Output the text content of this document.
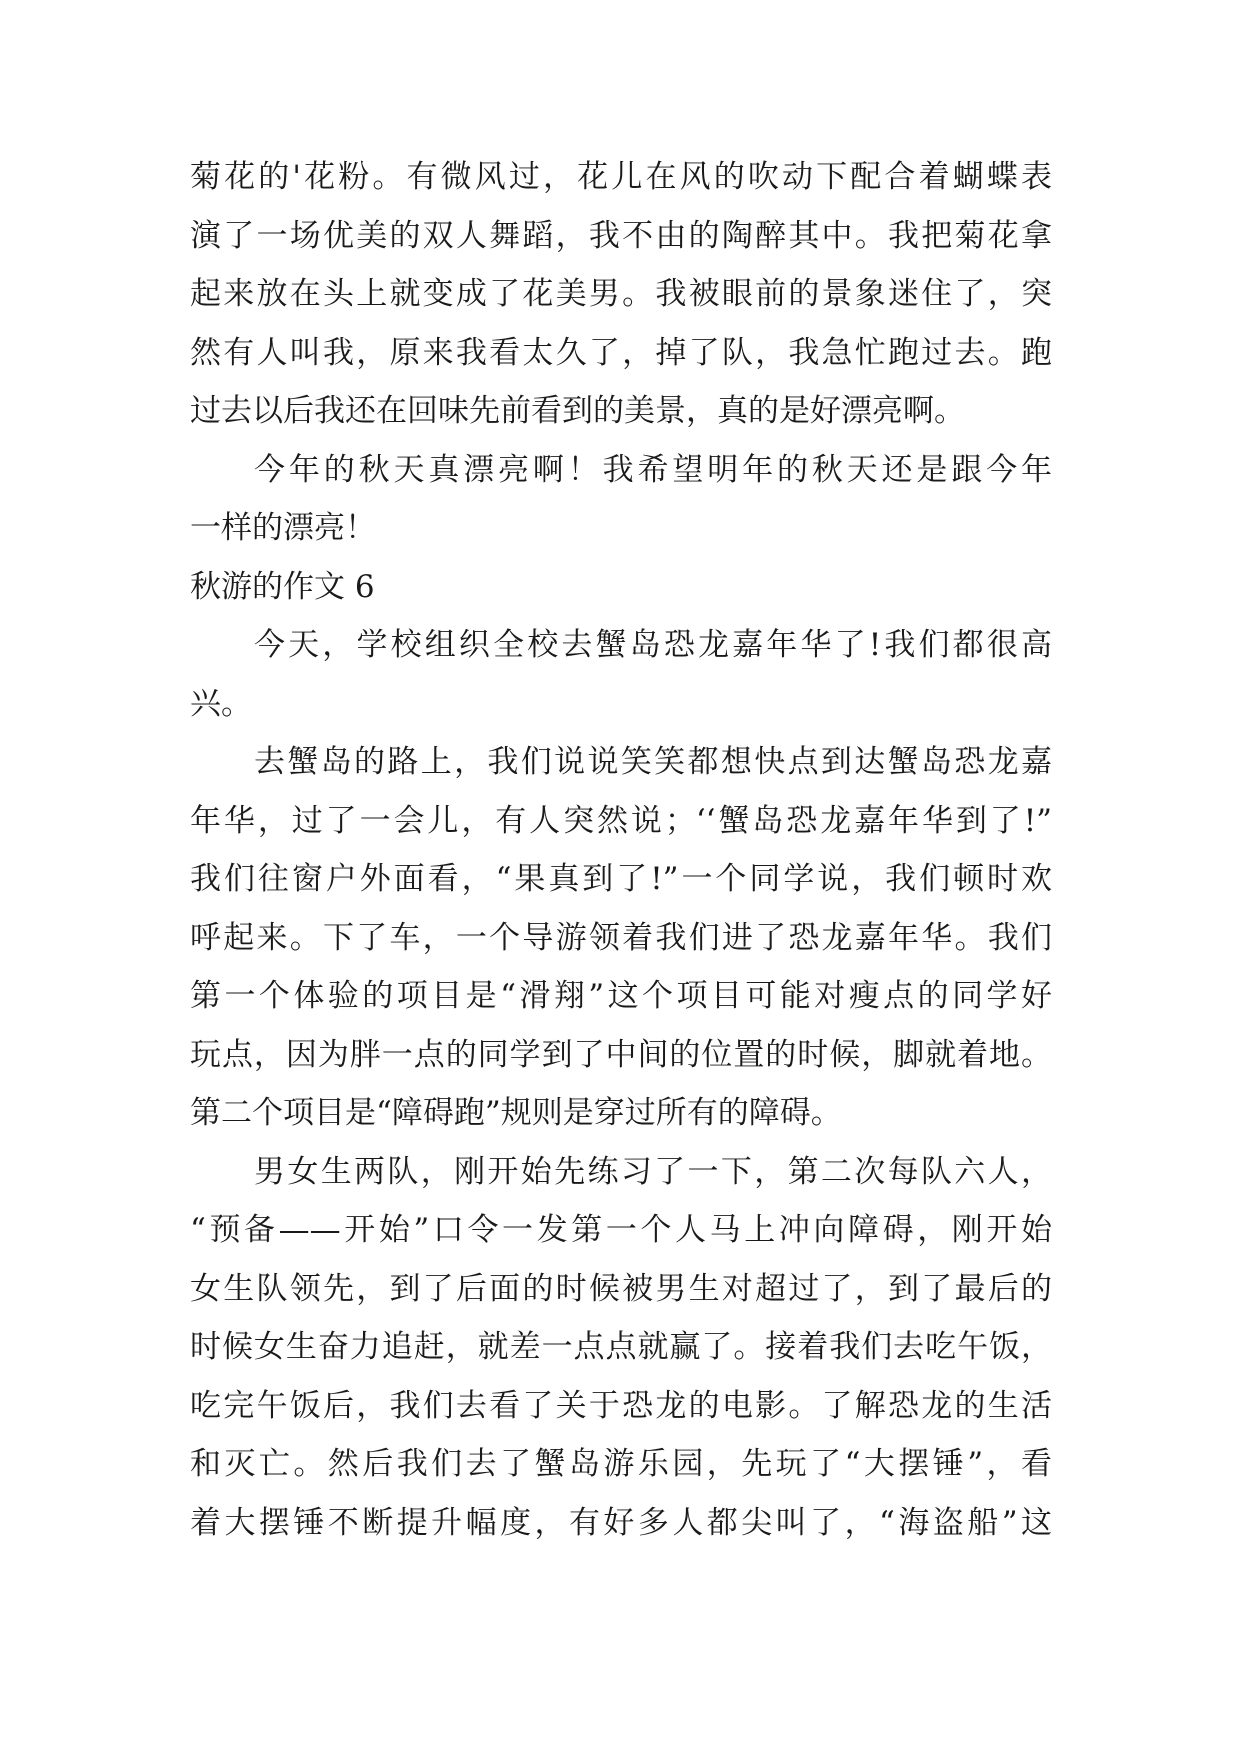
菊花的'花粉。有微风过，花儿在风的吹动下配合着蝴蝶表
演了一场优美的双人舞蹈，我不由的陶醉其中。我把菊花拿
起来放在头上就变成了花美男。我被眼前的景象迷住了，突
然有人叫我，原来我看太久了，掉了队，我急忙跑过去。跑
过去以后我还在回味先前看到的美景，真的是好漂亮啊。
今年的秋天真漂亮啊！我希望明年的秋天还是跟今年
一样的漂亮！
秋游的作文 6
今天，学校组织全校去蟹岛恐龙嘉年华了!我们都很高
兴。
去蟹岛的路上，我们说说笑笑都想快点到达蟹岛恐龙嘉
年华，过了一会儿，有人突然说；‘‘蟹岛恐龙嘉年华到了!”
我们往窗户外面看，“果真到了!”一个同学说，我们顿时欢
呼起来。下了车，一个导游领着我们进了恐龙嘉年华。我们
第一个体验的项目是“滑翔”这个项目可能对瘦点的同学好
玩点，因为胖一点的同学到了中间的位置的时候，脚就着地。
第二个项目是“障碍跑”规则是穿过所有的障碍。
男女生两队，刚开始先练习了一下，第二次每队六人，
“预备——开始”口令一发第一个人马上冲向障碍，刚开始
女生队领先，到了后面的时候被男生对超过了，到了最后的
时候女生奋力追赶，就差一点点就赢了。接着我们去吃午饭，
吃完午饭后，我们去看了关于恐龙的电影。了解恐龙的生活
和灭亡。然后我们去了蟹岛游乐园，先玩了“大摆锤”，看
着大摆锤不断提升幅度，有好多人都尖叫了，“海盗船”这
